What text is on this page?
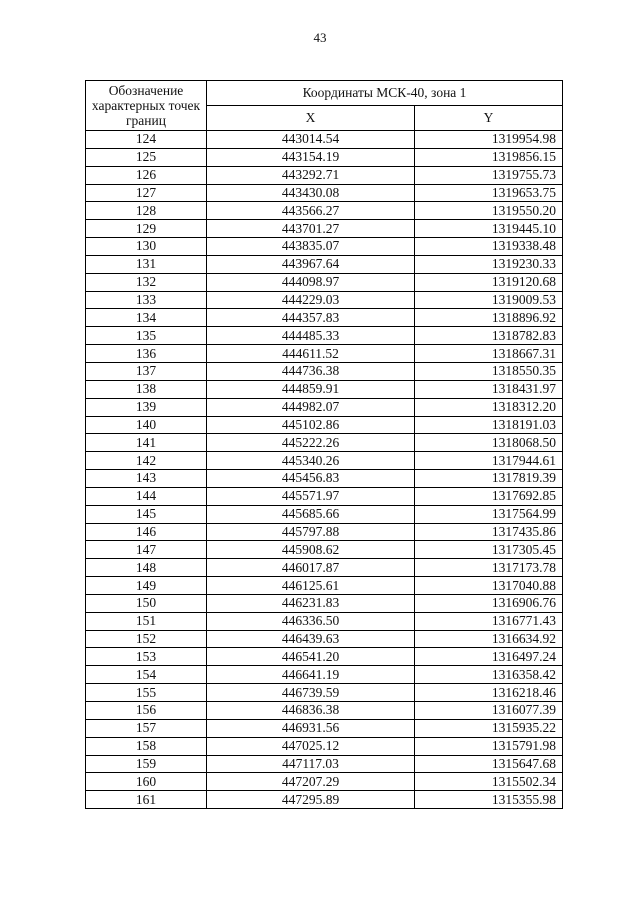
43
Обозначение характерных точек границ	Координаты МСК-40, зона 1	
	X	Y
124	443014.54	1319954.98
125	443154.19	1319856.15
126	443292.71	1319755.73
127	443430.08	1319653.75
128	443566.27	1319550.20
129	443701.27	1319445.10
130	443835.07	1319338.48
131	443967.64	1319230.33
132	444098.97	1319120.68
133	444229.03	1319009.53
134	444357.83	1318896.92
135	444485.33	1318782.83
136	444611.52	1318667.31
137	444736.38	1318550.35
138	444859.91	1318431.97
139	444982.07	1318312.20
140	445102.86	1318191.03
141	445222.26	1318068.50
142	445340.26	1317944.61
143	445456.83	1317819.39
144	445571.97	1317692.85
145	445685.66	1317564.99
146	445797.88	1317435.86
147	445908.62	1317305.45
148	446017.87	1317173.78
149	446125.61	1317040.88
150	446231.83	1316906.76
151	446336.50	1316771.43
152	446439.63	1316634.92
153	446541.20	1316497.24
154	446641.19	1316358.42
155	446739.59	1316218.46
156	446836.38	1316077.39
157	446931.56	1315935.22
158	447025.12	1315791.98
159	447117.03	1315647.68
160	447207.29	1315502.34
161	447295.89	1315355.98
